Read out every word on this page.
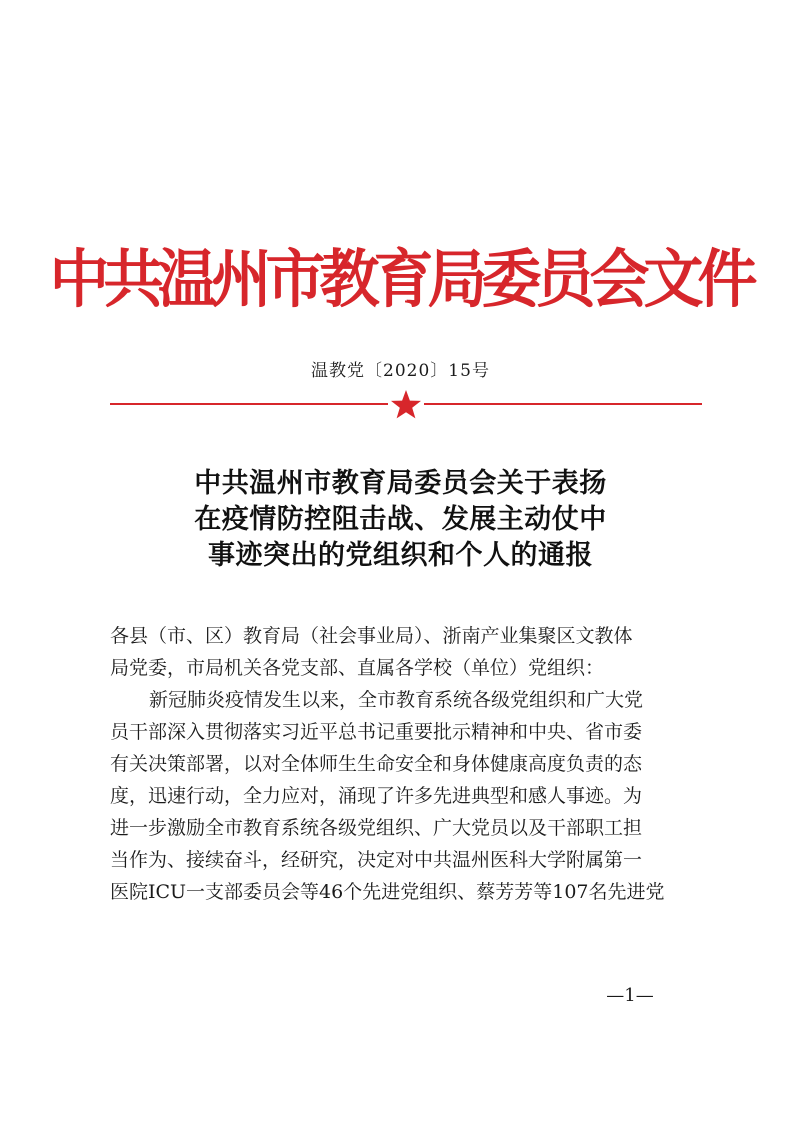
中共温州市教育局委员会文件
温教党〔2020〕15号
中共温州市教育局委员会关于表扬
在疫情防控阻击战、发展主动仗中
事迹突出的党组织和个人的通报
各县（市、区）教育局（社会事业局）、浙南产业集聚区文教体
局党委，市局机关各党支部、直属各学校（单位）党组织：
新冠肺炎疫情发生以来，全市教育系统各级党组织和广大党
员干部深入贯彻落实习近平总书记重要批示精神和中央、省市委
有关决策部署，以对全体师生生命安全和身体健康高度负责的态
度，迅速行动，全力应对，涌现了许多先进典型和感人事迹。为
进一步激励全市教育系统各级党组织、广大党员以及干部职工担
当作为、接续奋斗，经研究，决定对中共温州医科大学附属第一
医院ICU一支部委员会等46个先进党组织、蔡芳芳等107名先进党
—1—
